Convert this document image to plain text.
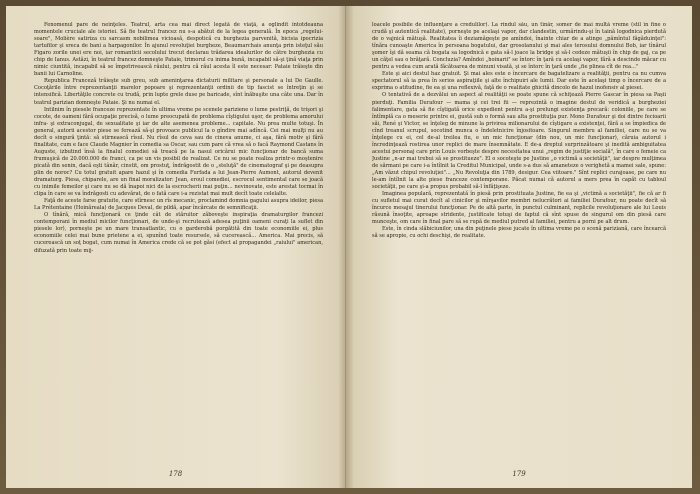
Fenomenul pare de neînţeles. Teatrul, arta cea mai direct legată de viaţă, a oglindit întotdeauna momentele cruciale ale istoriei. Să fie teatrul francez nu s-a abătut de la legea generală. În epoca „regelui-soare", Molière satiriza cu sarcasm nobilimea vicioasă, despotică cu burghezia parvenită, bicisia ipocrizia tartufilor şi sreca de bani a harpagonilor. În ajunul revoluţiei burgheze, Beaumarchais anunţa prin isteţul său Figaro zorile unei ere noi, iar romanticii secolului trecut declarau trădarea idealurilor de către burghezia cu chip de Ianus. Astăzi, în teatrul francez domneşte Pataie, trimorul cu inima bună, incapabil să-şi ţină viaţa prin nimic ciuntită, incapabil să se împotrivească răului, pentru că răul acesta îl este necesar: Pataie trăieşte din banii lui Carnoline.

Republica Franceză trăieşte sub greu, sub ameninţarea dictaturii militare şi personale a lui De Gaulle. Cocoţările între reprezentanţii marelor popoare şi reprezentanţii ordinii de tip fascist se întreţin şi se intensifică. Libertăţile concrete cu trudă, prin lupte grele duse pe baricade, sînt înăbuşite una câte una. Dar în teatrul parizian domneşte Pataie. Şi nu numai el.

Intilnim în piesele franceze reprezentate în ultima vreme pe scenele pariziene o lume pestriţă, de trişori şi cocote, de oameni fără ocupaţie precisă, o lume preocupată de problema cîştigului uşor, de problema amorului infra- şi extraconjugal, de sexualitate şi iar de alte asemenea probleme... capitale. Nu prea multe totuşi. În general, autorii acestor piese se ferează să-şi provoace publicul la o gîndire mai adîncă. Cei mai mulţi nu au decît o singură ţintă: să stirnească rîsul. Nu rîsul de ceva sau de cineva anume, ci aşa, fără motiv şi fără finalitate, cum e face Claude Magnier în comedia sa Oscar, sau cum pare că vrea să o facă Raymond Castans în Auguste, izbutind însă la finalul comediei să treacă pe la nasul oricărui mic funcţionar de bancă suma frumuşică de 20.000.000 de franci, ca pe un vis posibil de realizat. Ce nu se poate realiza printr-o moştenire picată din senin, dacă eşti tânăr, cinstit, om prostuţ, îndrăgostit de o „steluţă" de cinematograf şi pe deasupra plin de noroc? Cu totul gratuit apare hazul şi în comedia Furfada a lui Jean-Pierre Aumont, autorul devenit dramaturg. Piesa, chiparele, are un final moralizator: Jean, eroul comediei, escrocul sentimental care se joacă cu inimile femeilor şi care nu se dă înapoi nici de la escrocherii mai puţin... nevinovate, este arestat tocmai în clipa în care se va îndrăgosti cu adevărat, de o fată care i-a rezistat mai mult decît toate celelalte.

Faţă de aceste farse gratuite, care stîrnesc un rîs mecanic, proclamind domnia gagului asupra ideilor, piesa La Prétentaine (Hoinăreala) de Jacques Deval, de pildă, apar încărcate de semnificaţii.

O tînără, mică funcţionară ce ţinde cât de stăruitor zăboveşte inspiraţia dramaturgilor francezi contemporani în mediul micilor funcţionari, de unde-şi recrutează adesea puţinii oameni curaţi la suflet din piesele lor), porneşte pe un mare transatlantic, cu o garderobă porgătită din toate economiile ei, plus economiile celei mai bune prietene a ei, spunînd toate resursele, să cucerească... America. Mai precis, să cucerească un soţ bogat, cum numai în America crede că se pot găsi (efect al propagandei „raiului" american, difuzată prin toate mij-

178

loacele posibile de influenţare a credulilor). La rindul său, un tînăr, somer de mai multă vreme (stil în fine o crudă şi autentică realitate), porneşte pe acelaşi vapor, dar clandestin, urmărindu-şi în taină logodnica pierdută de o vajnică mătuşă. Realitatea îi deziamăgeşte pe amîndoi, înainte chiar de a atinge „pămîntul făgăduinţei": tînăra cunoaşte America în persoana bogatului, dar grosolanului şi mai ales terosului domnului Bob, iar tînărul şomer îşi dă seama că bogata sa logodnică e gata să-l joace la bridge şi să-l cedeze mătuşii în chip de gaj, ca pe un căţel sau o brăţară. Concluzia? Amîndoi „hoinarii" se întorc în ţară cu acelaşi vapor, fără a descinde măcar cu pentru a vedea cum arată făcătoarea de minuni visată, şi se întorc în ţară unde „fie plinea cît de rea..."

Este şi aici destul haz gratuit. Şi mai ales este o încercare de bagatelizare a realităţii, pentru ca nu cumva spectatorul să ia prea în serios aspiraţiile şi alte închipuiri ale lumii. Dar este în acelaşi timp o încercare de a exprima o atitudine, fie ea şi una reflexivă, faţă de o realitate ghicită dincolo de hazul inofensiv al piesei.

O tentativă de a dezvălui un aspect al realităţii se poate spune că schiţează Pierre Gascar în piesa sa Paşii pierduţi. Familia Durafour — mama şi cei trei fii — reprezintă o imagine destul de veridică a burgheziei falimentare, gata să fie cîştigată orice expedient pentru a-şi prelungi existenţa precară: coloniile, pe care se întîmplă ca o meserie printre ei, gustă sub o formă sau alta prostituţia pur. Mono Durafour şi doi dintre fecioarii săi, René şi Victor, se înţeleg de minune la privirea milionarului de cîştigare a existenţei, fără a se împiedica de cînd treanul scrupul, socotind munca o îndeletnicire înjositoare. Singurul membru al familiei, care nu se va înţelege cu ei, cel de-al treilea fiu, e un mic funcţionar (din nou, un mic funcţionar), căruia autorul i încredinţează rostirea unor replici de mare însemnătate. E de-a dreptul surprinzătoare şi inedită ambiguitatea acestui personaj care prin Louis vorbeşte despre necesitatea unui „regim de justiţie socială", în care o femeie ca Justine „n-ar mai trebui să se prostitueze". El o socoteşte pe Justine „o victimă a societăţii", iar despre mulţimea de sărmani pe care i-a întîlnit la Creditul Municipal, unde s-a dus să amaneteze o verighetă a mamei sale, spune: „Am văzut chipul revoluţiei"... „Nu Revoluţia din 1789, desigur. Cea viitoare." Sînt replici curajoase, pe care nu le-am întîlnit la alte piese franceze contemporane. Păcat numai că autorul a mers prea în capăt cu tabloul societăţii, pe care şi-a propus probabil să-l înfăţişeze.

Imaginea populară, reprezentată în piesă prin prostituata Justine, fie ea şi „victimă a societăţii", fie că ar fi cu sufletul mai curat decît al cinicilor şi mîrşavilor membri nelucrători ai familiei Durafour, nu poate decît să încurce mesajul tinerului funcţionar. Pe de altă parte, în punctul culminant, replicile revoluţionare ale lui Louis răsună însoţite, aproape stridente, justificate totuşi de faptul că sînt spuse de singurul om din piesă care munceşte, om care în final pare să se rupă de mediul putred al familiei, pentru a porni pe alt drum.

Este, în cinda slăbiciunilor, una din puţinele piese jucate în ultima vreme pe o scenă pariziană, care încearcă să se apropie, cu ochi deschişi, de realitate.

179
